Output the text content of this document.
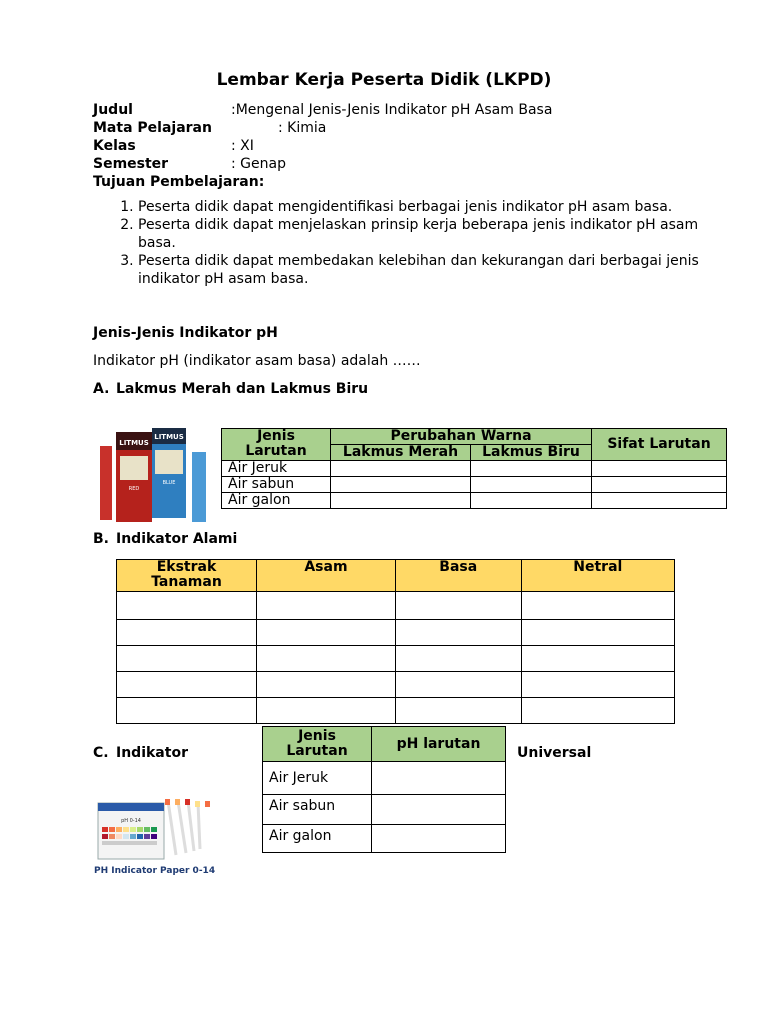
Lembar Kerja Peserta Didik (LKPD)
Judul	:Mengenal Jenis-Jenis Indikator pH Asam Basa
Mata Pelajaran	: Kimia
Kelas	: XI
Semester	: Genap
Tujuan Pembelajaran:
1. Peserta didik dapat mengidentifikasi berbagai jenis indikator pH asam basa.
2. Peserta didik dapat menjelaskan prinsip kerja beberapa jenis indikator pH asam basa.
3. Peserta didik dapat membedakan kelebihan dan kekurangan dari berbagai jenis indikator pH asam basa.
Jenis-Jenis Indikator pH
Indikator pH (indikator asam basa) adalah ……
A. Lakmus Merah dan Lakmus Biru
LITMUS
RED
LITMUS
BLUE
Jenis Larutan	Perubahan Warna		Sifat Larutan
	Lakmus Merah	Lakmus Biru	
Air Jeruk			
Air sabun			
Air galon			
B. Indikator Alami
Ekstrak Tanaman	Asam	Basa	Netral

C. Indikator	Universal
Jenis Larutan	pH larutan
Air Jeruk	
Air sabun	
Air galon	
pH 0-14
PH Indicator Paper 0-14
